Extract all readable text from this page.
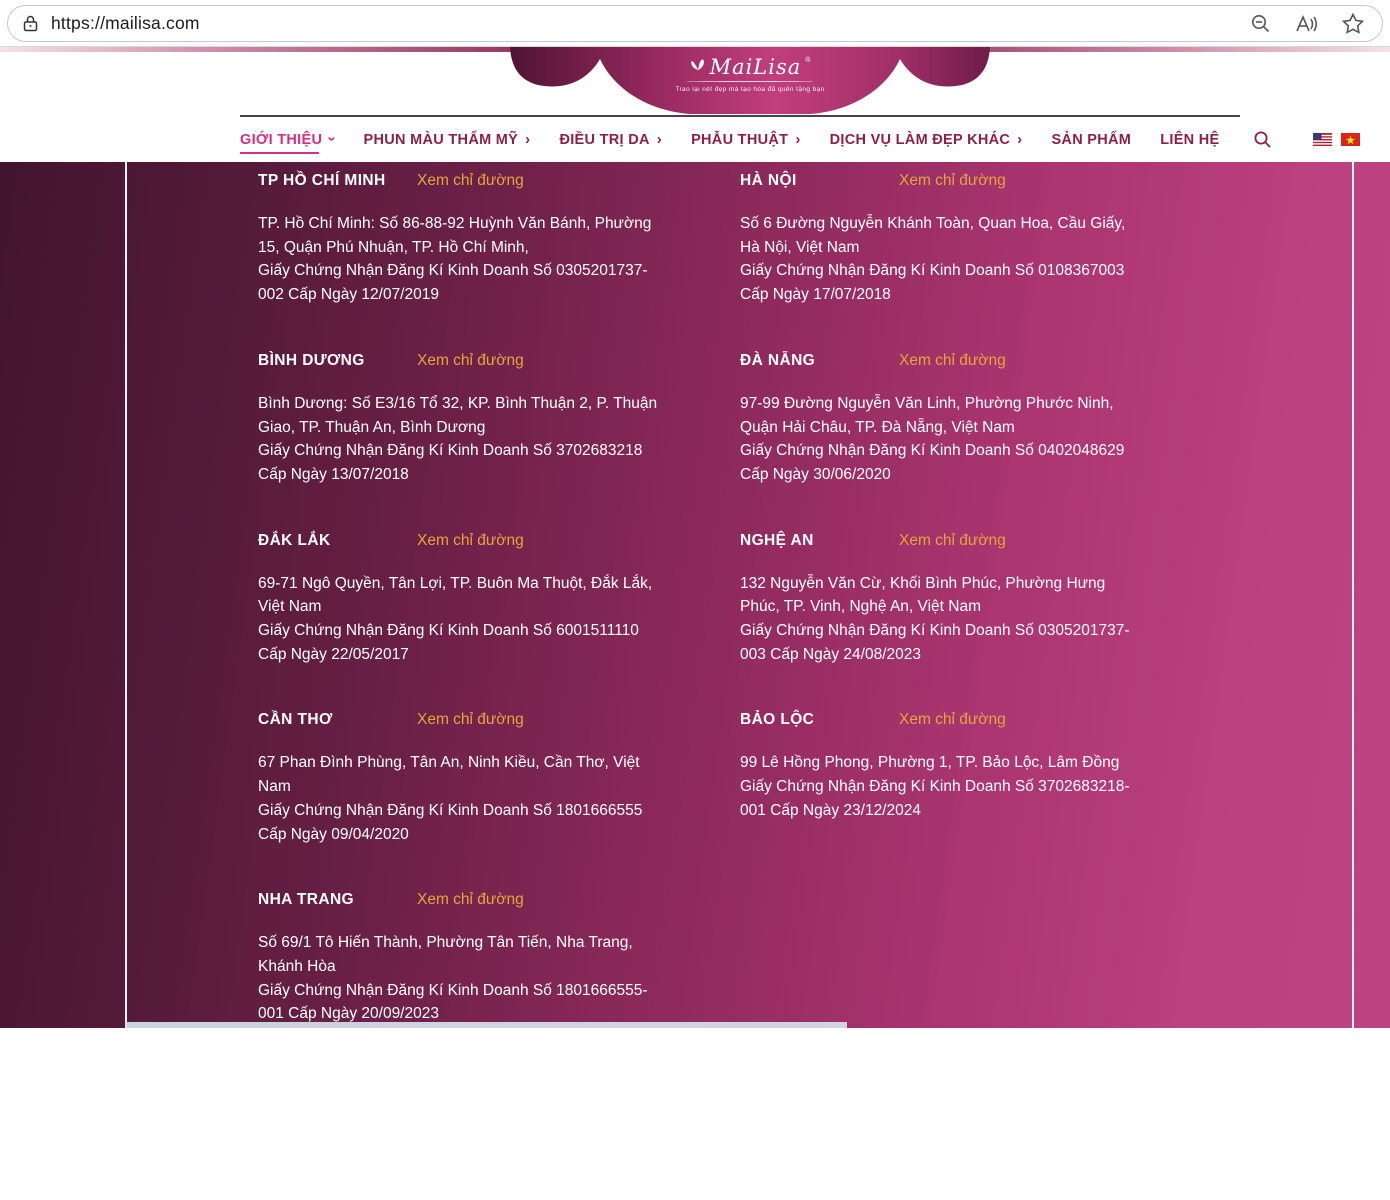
https://mailisa.com
MaiLisa ®
Trao lại nét đẹp mà tạo hóa đã quên tặng bạn
GIỚI THIỆU › PHUN MÀU THẨM MỸ › ĐIỀU TRỊ DA › PHẪU THUẬT › DỊCH VỤ LÀM ĐẸP KHÁC › SẢN PHẨM LIÊN HỆ
TP HỒ CHÍ MINH	Xem chỉ đường
TP. Hồ Chí Minh: Số 86-88-92 Huỳnh Văn Bánh, Phường
15, Quận Phú Nhuận, TP. Hồ Chí Minh,
Giấy Chứng Nhận Đăng Kí Kinh Doanh Số 0305201737-
002 Cấp Ngày 12/07/2019
HÀ NỘI	Xem chỉ đường
Số 6 Đường Nguyễn Khánh Toàn, Quan Hoa, Cầu Giấy,
Hà Nội, Việt Nam
Giấy Chứng Nhận Đăng Kí Kinh Doanh Số 0108367003
Cấp Ngày 17/07/2018
BÌNH DƯƠNG	Xem chỉ đường
Bình Dương: Số E3/16 Tổ 32, KP. Bình Thuận 2, P. Thuận
Giao, TP. Thuận An, Bình Dương
Giấy Chứng Nhận Đăng Kí Kinh Doanh Số 3702683218
Cấp Ngày 13/07/2018
ĐÀ NẴNG	Xem chỉ đường
97-99 Đường Nguyễn Văn Linh, Phường Phước Ninh,
Quận Hải Châu, TP. Đà Nẵng, Việt Nam
Giấy Chứng Nhận Đăng Kí Kinh Doanh Số 0402048629
Cấp Ngày 30/06/2020
ĐẮK LẮK	Xem chỉ đường
69-71 Ngô Quyền, Tân Lợi, TP. Buôn Ma Thuột, Đắk Lắk,
Việt Nam
Giấy Chứng Nhận Đăng Kí Kinh Doanh Số 6001511110
Cấp Ngày 22/05/2017
NGHỆ AN	Xem chỉ đường
132 Nguyễn Văn Cừ, Khối Bình Phúc, Phường Hưng
Phúc, TP. Vinh, Nghệ An, Việt Nam
Giấy Chứng Nhận Đăng Kí Kinh Doanh Số 0305201737-
003 Cấp Ngày 24/08/2023
CẦN THƠ	Xem chỉ đường
67 Phan Đình Phùng, Tân An, Ninh Kiều, Cần Thơ, Việt
Nam
Giấy Chứng Nhận Đăng Kí Kinh Doanh Số 1801666555
Cấp Ngày 09/04/2020
BẢO LỘC	Xem chỉ đường
99 Lê Hồng Phong, Phường 1, TP. Bảo Lộc, Lâm Đồng
Giấy Chứng Nhận Đăng Kí Kinh Doanh Số 3702683218-
001 Cấp Ngày 23/12/2024
NHA TRANG	Xem chỉ đường
Số 69/1 Tô Hiến Thành, Phường Tân Tiến, Nha Trang,
Khánh Hòa
Giấy Chứng Nhận Đăng Kí Kinh Doanh Số 1801666555-
001 Cấp Ngày 20/09/2023
Tienphong
